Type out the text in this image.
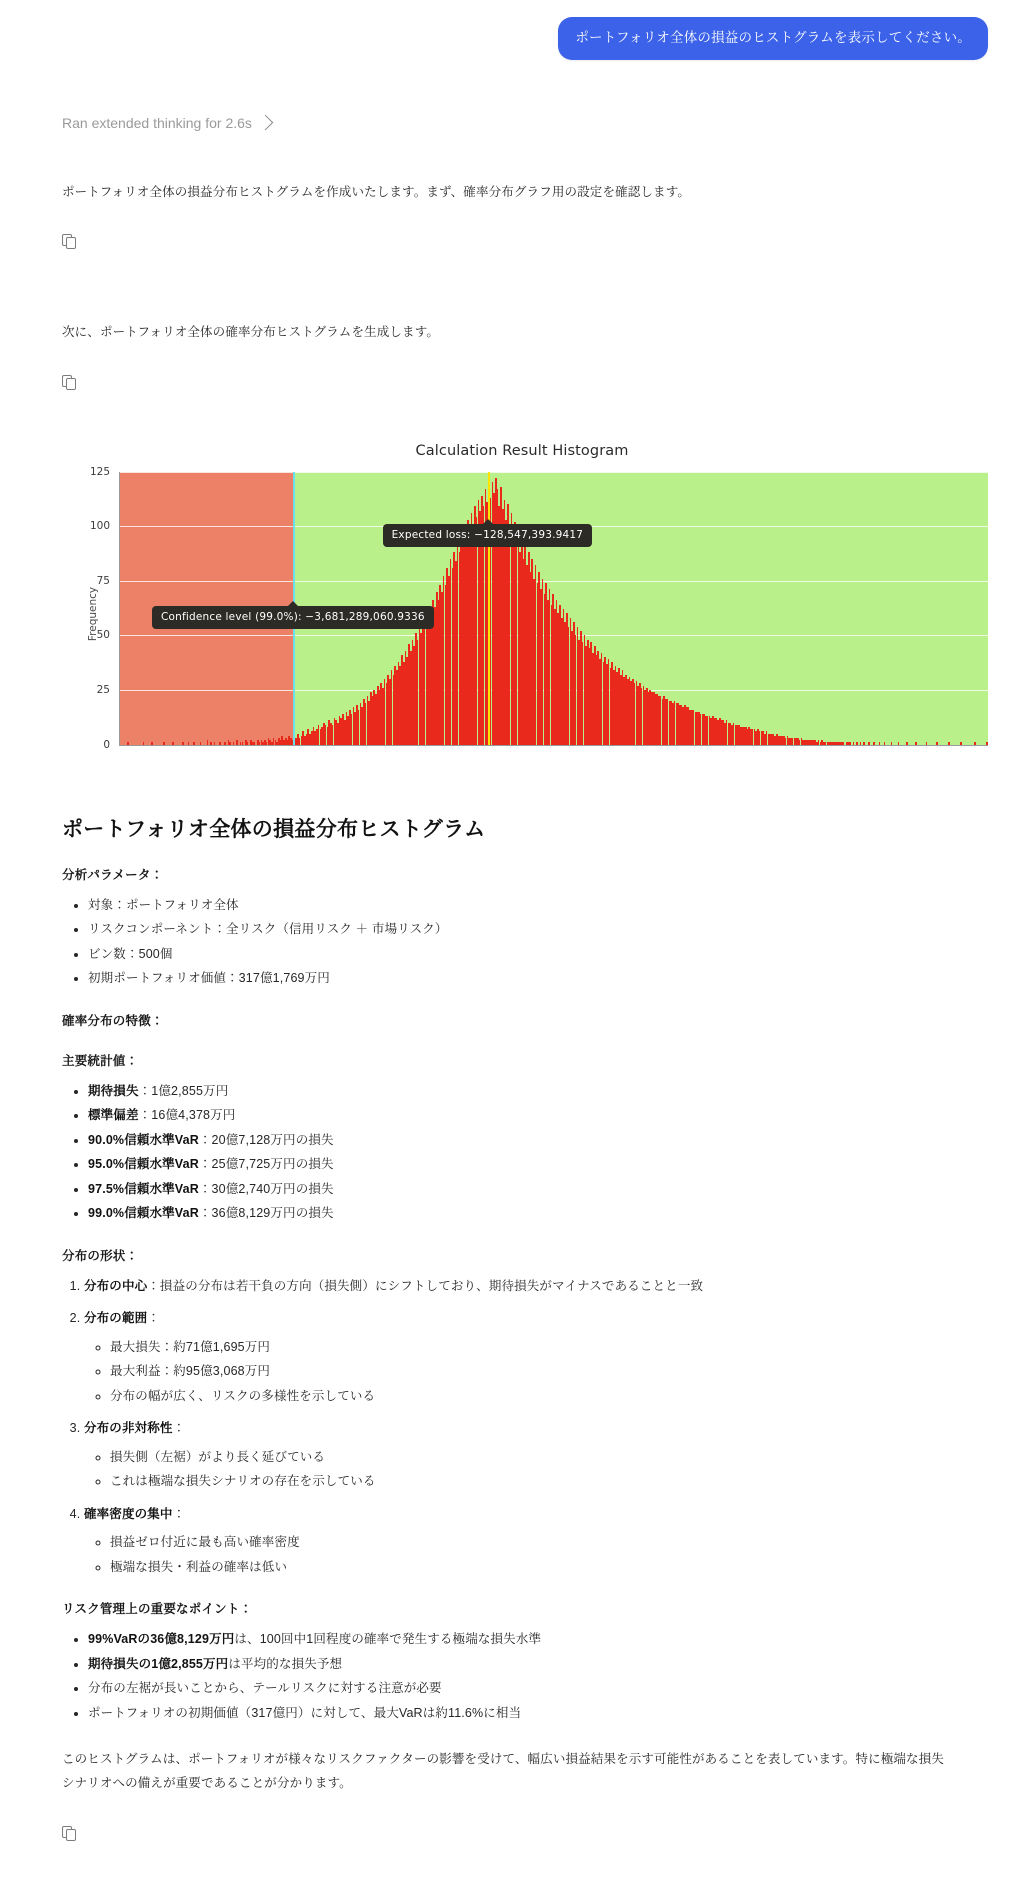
ポートフォリオ全体の損益のヒストグラムを表示してください。
Ran extended thinking for 2.6s

ポートフォリオ全体の損益分布ヒストグラムを作成いたします。まず、確率分布グラフ用の設定を確認します。

次に、ポートフォリオ全体の確率分布ヒストグラムを生成します。

Calculation Result Histogram
Frequency
0
25
50
75
100
125
Expected loss: −128,547,393.9417
Confidence level (99.0%): −3,681,289,060.9336
ポートフォリオ全体の損益分布ヒストグラム
分析パラメータ：
• 対象：ポートフォリオ全体
• リスクコンポーネント：全リスク（信用リスク ＋ 市場リスク）
• ビン数：500個
• 初期ポートフォリオ価値：317億1,769万円
確率分布の特徴：
主要統計値：
• 期待損失：1億2,855万円
• 標準偏差：16億4,378万円
• 90.0%信頼水準VaR：20億7,128万円の損失
• 95.0%信頼水準VaR：25億7,725万円の損失
• 97.5%信頼水準VaR：30億2,740万円の損失
• 99.0%信頼水準VaR：36億8,129万円の損失
分布の形状：
1. 分布の中心：損益の分布は若干負の方向（損失側）にシフトしており、期待損失がマイナスであることと一致
2. 分布の範囲：
◦ 最大損失：約71億1,695万円
◦ 最大利益：約95億3,068万円
◦ 分布の幅が広く、リスクの多様性を示している
3. 分布の非対称性：
◦ 損失側（左裾）がより長く延びている
◦ これは極端な損失シナリオの存在を示している
4. 確率密度の集中：
◦ 損益ゼロ付近に最も高い確率密度
◦ 極端な損失・利益の確率は低い
リスク管理上の重要なポイント：
• 99%VaRの36億8,129万円は、100回中1回程度の確率で発生する極端な損失水準
• 期待損失の1億2,855万円は平均的な損失予想
• 分布の左裾が長いことから、テールリスクに対する注意が必要
• ポートフォリオの初期価値（317億円）に対して、最大VaRは約11.6%に相当

このヒストグラムは、ポートフォリオが様々なリスクファクターの影響を受けて、幅広い損益結果を示す可能性があることを表しています。特に極端な損失シナリオへの備えが重要であることが分かります。
